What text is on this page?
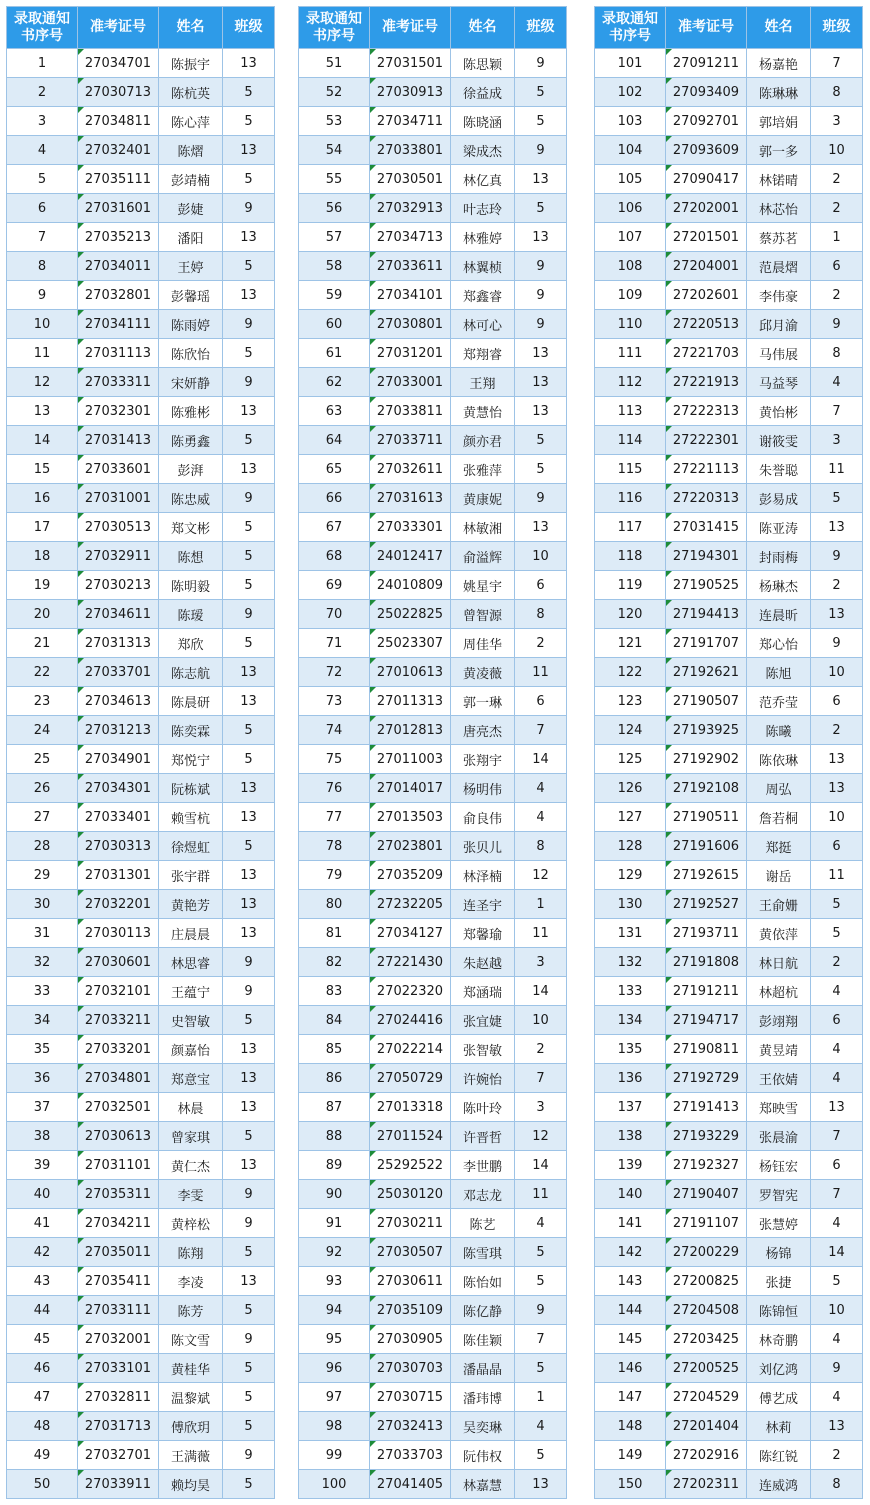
录取通知
书序号	准考证号	姓名	班级
1	27034701	陈振宇	13
2	27030713	陈杭英	5
3	27034811	陈心萍	5
4	27032401	陈熠	13
5	27035111	彭靖楠	5
6	27031601	彭婕	9
7	27035213	潘阳	13
8	27034011	王婷	5
9	27032801	彭馨瑶	13
10	27034111	陈雨婷	9
11	27031113	陈欣怡	5
12	27033311	宋妍静	9
13	27032301	陈雅彬	13
14	27031413	陈勇鑫	5
15	27033601	彭湃	13
16	27031001	陈忠威	9
17	27030513	郑文彬	5
18	27032911	陈想	5
19	27030213	陈明毅	5
20	27034611	陈瑷	9
21	27031313	郑欣	5
22	27033701	陈志航	13
23	27034613	陈晨研	13
24	27031213	陈奕霖	5
25	27034901	郑悦宁	5
26	27034301	阮栋斌	13
27	27033401	赖雪杭	13
28	27030313	徐煜虹	5
29	27031301	张宇群	13
30	27032201	黄艳芳	13
31	27030113	庄晨晨	13
32	27030601	林思睿	9
33	27032101	王蕴宁	9
34	27033211	史智敏	5
35	27033201	颜嘉怡	13
36	27034801	郑意宝	13
37	27032501	林晨	13
38	27030613	曾家琪	5
39	27031101	黄仁杰	13
40	27035311	李雯	9
41	27034211	黄梓松	9
42	27035011	陈翔	5
43	27035411	李凌	13
44	27033111	陈芳	5
45	27032001	陈文雪	9
46	27033101	黄桂华	5
47	27032811	温黎斌	5
48	27031713	傅欣玥	5
49	27032701	王满薇	9
50	27033911	赖均昊	5
录取通知
书序号	准考证号	姓名	班级
51	27031501	陈思颖	9
52	27030913	徐益成	5
53	27034711	陈晓涵	5
54	27033801	梁成杰	9
55	27030501	林亿真	13
56	27032913	叶志玲	5
57	27034713	林雅婷	13
58	27033611	林翼桢	9
59	27034101	郑鑫睿	9
60	27030801	林可心	9
61	27031201	郑翔睿	13
62	27033001	王翔	13
63	27033811	黄慧怡	13
64	27033711	颜亦君	5
65	27032611	张雅萍	5
66	27031613	黄康妮	9
67	27033301	林敏湘	13
68	24012417	俞溢辉	10
69	24010809	姚星宇	6
70	25022825	曾智源	8
71	25023307	周佳华	2
72	27010613	黄凌薇	11
73	27011313	郭一琳	6
74	27012813	唐亮杰	7
75	27011003	张翔宇	14
76	27014017	杨明伟	4
77	27013503	俞良伟	4
78	27023801	张贝儿	8
79	27035209	林泽楠	12
80	27232205	连圣宇	1
81	27034127	郑馨瑜	11
82	27221430	朱赵越	3
83	27022320	郑涵瑞	14
84	27024416	张宜婕	10
85	27022214	张智敏	2
86	27050729	许婉怡	7
87	27013318	陈叶玲	3
88	27011524	许晋哲	12
89	25292522	李世鹏	14
90	25030120	邓志龙	11
91	27030211	陈艺	4
92	27030507	陈雪琪	5
93	27030611	陈怡如	5
94	27035109	陈亿静	9
95	27030905	陈佳颖	7
96	27030703	潘晶晶	5
97	27030715	潘玮博	1
98	27032413	吴奕琳	4
99	27033703	阮伟权	5
100	27041405	林嘉慧	13
录取通知
书序号	准考证号	姓名	班级
101	27091211	杨嘉艳	7
102	27093409	陈琳琳	8
103	27092701	郭培娟	3
104	27093609	郭一多	10
105	27090417	林锘晴	2
106	27202001	林芯怡	2
107	27201501	蔡苏茗	1
108	27204001	范晨熠	6
109	27202601	李伟豪	2
110	27220513	邱月渝	9
111	27221703	马伟展	8
112	27221913	马益琴	4
113	27222313	黄怡彬	7
114	27222301	谢筱雯	3
115	27221113	朱誉聪	11
116	27220313	彭易成	5
117	27031415	陈亚涛	13
118	27194301	封雨梅	9
119	27190525	杨琳杰	2
120	27194413	连晨昕	13
121	27191707	郑心怡	9
122	27192621	陈旭	10
123	27190507	范乔莹	6
124	27193925	陈曦	2
125	27192902	陈依琳	13
126	27192108	周弘	13
127	27190511	詹若桐	10
128	27191606	郑挺	6
129	27192615	谢岳	11
130	27192527	王俞姗	5
131	27193711	黄依萍	5
132	27191808	林日航	2
133	27191211	林超杭	4
134	27194717	彭翊翔	6
135	27190811	黄昱靖	4
136	27192729	王依婧	4
137	27191413	郑映雪	13
138	27193229	张晨渝	7
139	27192327	杨钰宏	6
140	27190407	罗智宪	7
141	27191107	张慧婷	4
142	27200229	杨锦	14
143	27200825	张捷	5
144	27204508	陈锦恒	10
145	27203425	林奇鹏	4
146	27200525	刘亿鸿	9
147	27204529	傅艺成	4
148	27201404	林莉	13
149	27202916	陈红锐	2
150	27202311	连威鸿	8
